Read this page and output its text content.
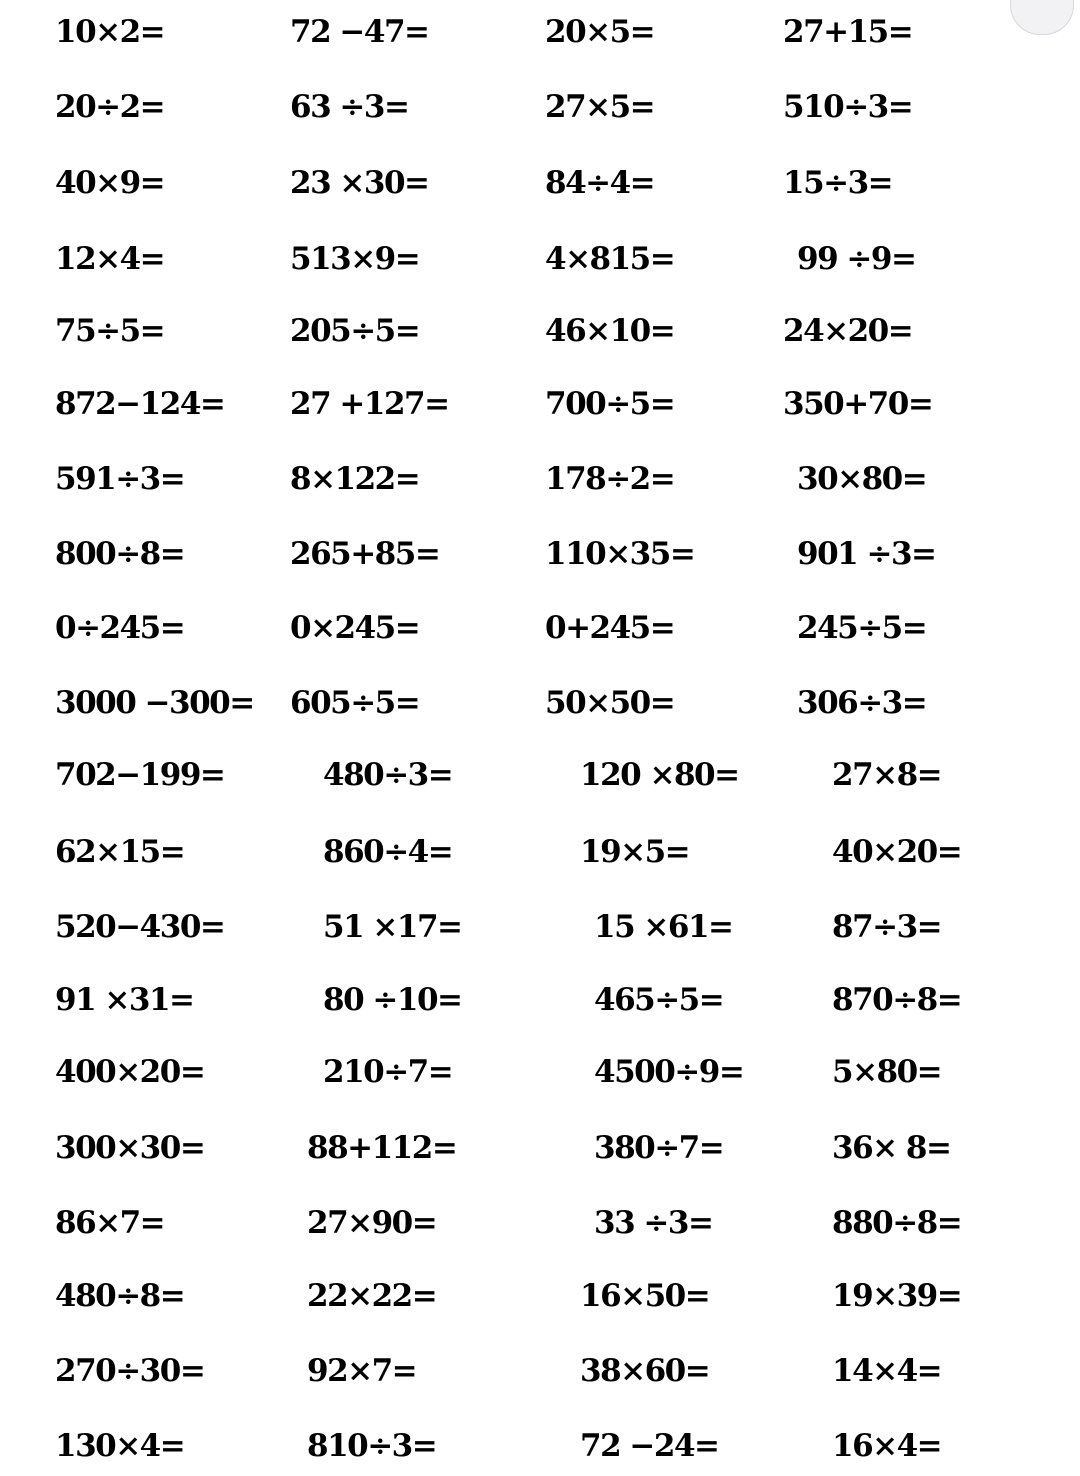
10×2=	72 −47=	20×5=	27+15=
20÷2=	63 ÷3=	27×5=	510÷3=
40×9=	23 ×30=	84÷4=	15÷3=
12×4=	513×9=	4×815=	99 ÷9=
75÷5=	205÷5=	46×10=	24×20=
872−124= 27 +127=	700÷5=	350+70=
591÷3=	8×122=	178÷2=	30×80=
800÷8=	265+85=	110×35=	901 ÷3=
0÷245=	0×245=	0+245=	245÷5=
3000 −300= 605÷5=	50×50=	306÷3=
702−199=	480÷3=	120 ×80=	27×8=
62×15=	860÷4=	19×5=	40×20=
520−430=	51 ×17=	15 ×61=	87÷3=
91 ×31=	80 ÷10=	465÷5=	870÷8=
400×20=	210÷7=	4500÷9=	5×80=
300×30=	88+112=	380÷7=	36× 8=
86×7=	27×90=	33 ÷3=	880÷8=
480÷8=	22×22=	16×50=	19×39=
270÷30=	92×7=	38×60=	14×4=
130×4=	810÷3=	72 −24=	16×4=
